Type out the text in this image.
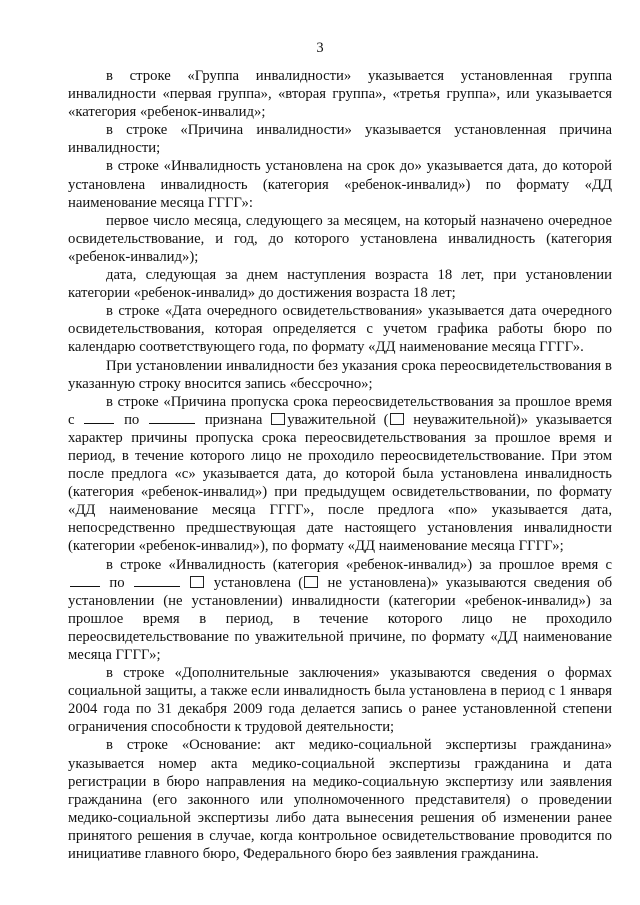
3

в строке «Группа инвалидности» указывается установленная группа инвалидности «первая группа», «вторая группа», «третья группа», или указывается «категория «ребенок-инвалид»;

в строке «Причина инвалидности» указывается установленная причина инвалидности;

в строке «Инвалидность установлена на срок до» указывается дата, до которой установлена инвалидность (категория «ребенок-инвалид») по формату «ДД наименование месяца ГГГГ»:

первое число месяца, следующего за месяцем, на который назначено очередное освидетельствование, и год, до которого установлена инвалидность (категория «ребенок-инвалид»);

дата, следующая за днем наступления возраста 18 лет, при установлении категории «ребенок-инвалид» до достижения возраста 18 лет;

в строке «Дата очередного освидетельствования» указывается дата очередного освидетельствования, которая определяется с учетом графика работы бюро по календарю соответствующего года, по формату «ДД наименование месяца ГГГГ».

При установлении инвалидности без указания срока переосвидетельствования в указанную строку вносится запись «бессрочно»;

в строке «Причина пропуска срока переосвидетельствования за прошлое время с	по	признана уважительной ( неуважительной)» указывается характер причины пропуска срока переосвидетельствования за прошлое время и период, в течение которого лицо не проходило переосвидетельствование. При этом после предлога «с» указывается дата, до которой была установлена инвалидность (категория «ребенок-инвалид») при предыдущем освидетельствовании, по формату «ДД наименование месяца ГГГГ», после предлога «по» указывается дата, непосредственно предшествующая дате настоящего установления инвалидности (категории «ребенок-инвалид»), по формату «ДД наименование месяца ГГГГ»;

в строке «Инвалидность (категория «ребенок-инвалид») за прошлое время с  по	установлена ( не установлена)» указываются сведения об установлении (не установлении) инвалидности (категории «ребенок-инвалид») за прошлое время в период, в течение которого лицо не проходило переосвидетельствование по уважительной причине, по формату «ДД наименование месяца ГГГГ»;

в строке «Дополнительные заключения» указываются сведения о формах социальной защиты, а также если инвалидность была установлена в период с 1 января 2004 года по 31 декабря 2009 года делается запись о ранее установленной степени ограничения способности к трудовой деятельности;

в строке «Основание: акт медико-социальной экспертизы гражданина» указывается номер акта медико-социальной экспертизы гражданина и дата регистрации в бюро направления на медико-социальную экспертизу или заявления гражданина (его законного или уполномоченного представителя) о проведении медико-социальной экспертизы либо дата вынесения решения об изменении ранее принятого решения в случае, когда контрольное освидетельствование проводится по инициативе главного бюро, Федерального бюро без заявления гражданина.
